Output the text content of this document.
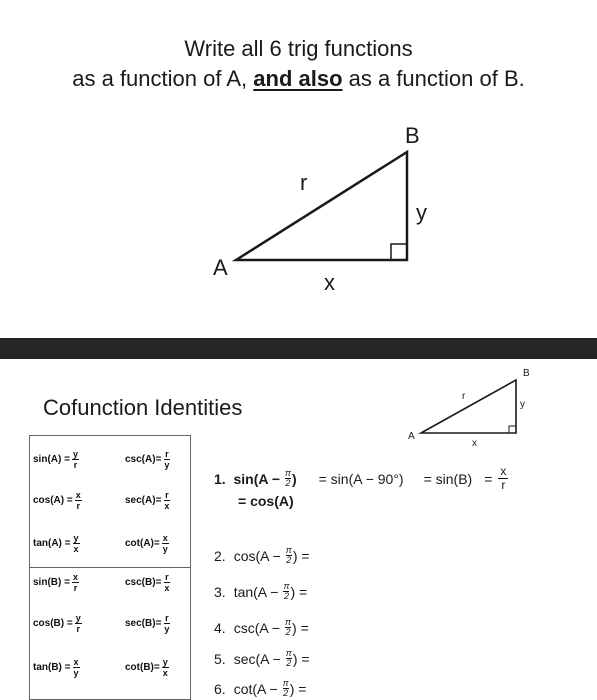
Write all 6 trig functions
as a function of A, and also as a function of B.
A
B
r
y
x
Cofunction Identities
A
B
r
y
x
$\sin(A) = \frac{y}{r}$	$\csc(A)= \frac{r}{y}$
$\cos(A) = \frac{x}{r}$	$\sec(A)= \frac{r}{x}$
$\tan(A) = \frac{y}{x}$	$\cot(A)= \frac{x}{y}$
$\sin(B) = \frac{x}{r}$	$\csc(B)= \frac{r}{x}$
$\cos(B) = \frac{y}{r}$	$\sec(B)= \frac{r}{y}$
$\tan(B) = \frac{x}{y}$	$\cot(B)= \frac{y}{x}$
1.
sin(A −
$\frac{\pi}{2}$ ) = $\sin(A - 90^\circ) = \sin(B) = \frac{x}{r}$
= cos(A)
2. $\cos(A - \frac{\pi}{2}$ ) =
3. $\tan(A - \frac{\pi}{2}$ ) =
4. $\csc(A - \frac{\pi}{2}$ ) =
5. $\sec(A - \frac{\pi}{2}$ ) =
6. $\cot(A - \frac{\pi}{2}$ ) =
